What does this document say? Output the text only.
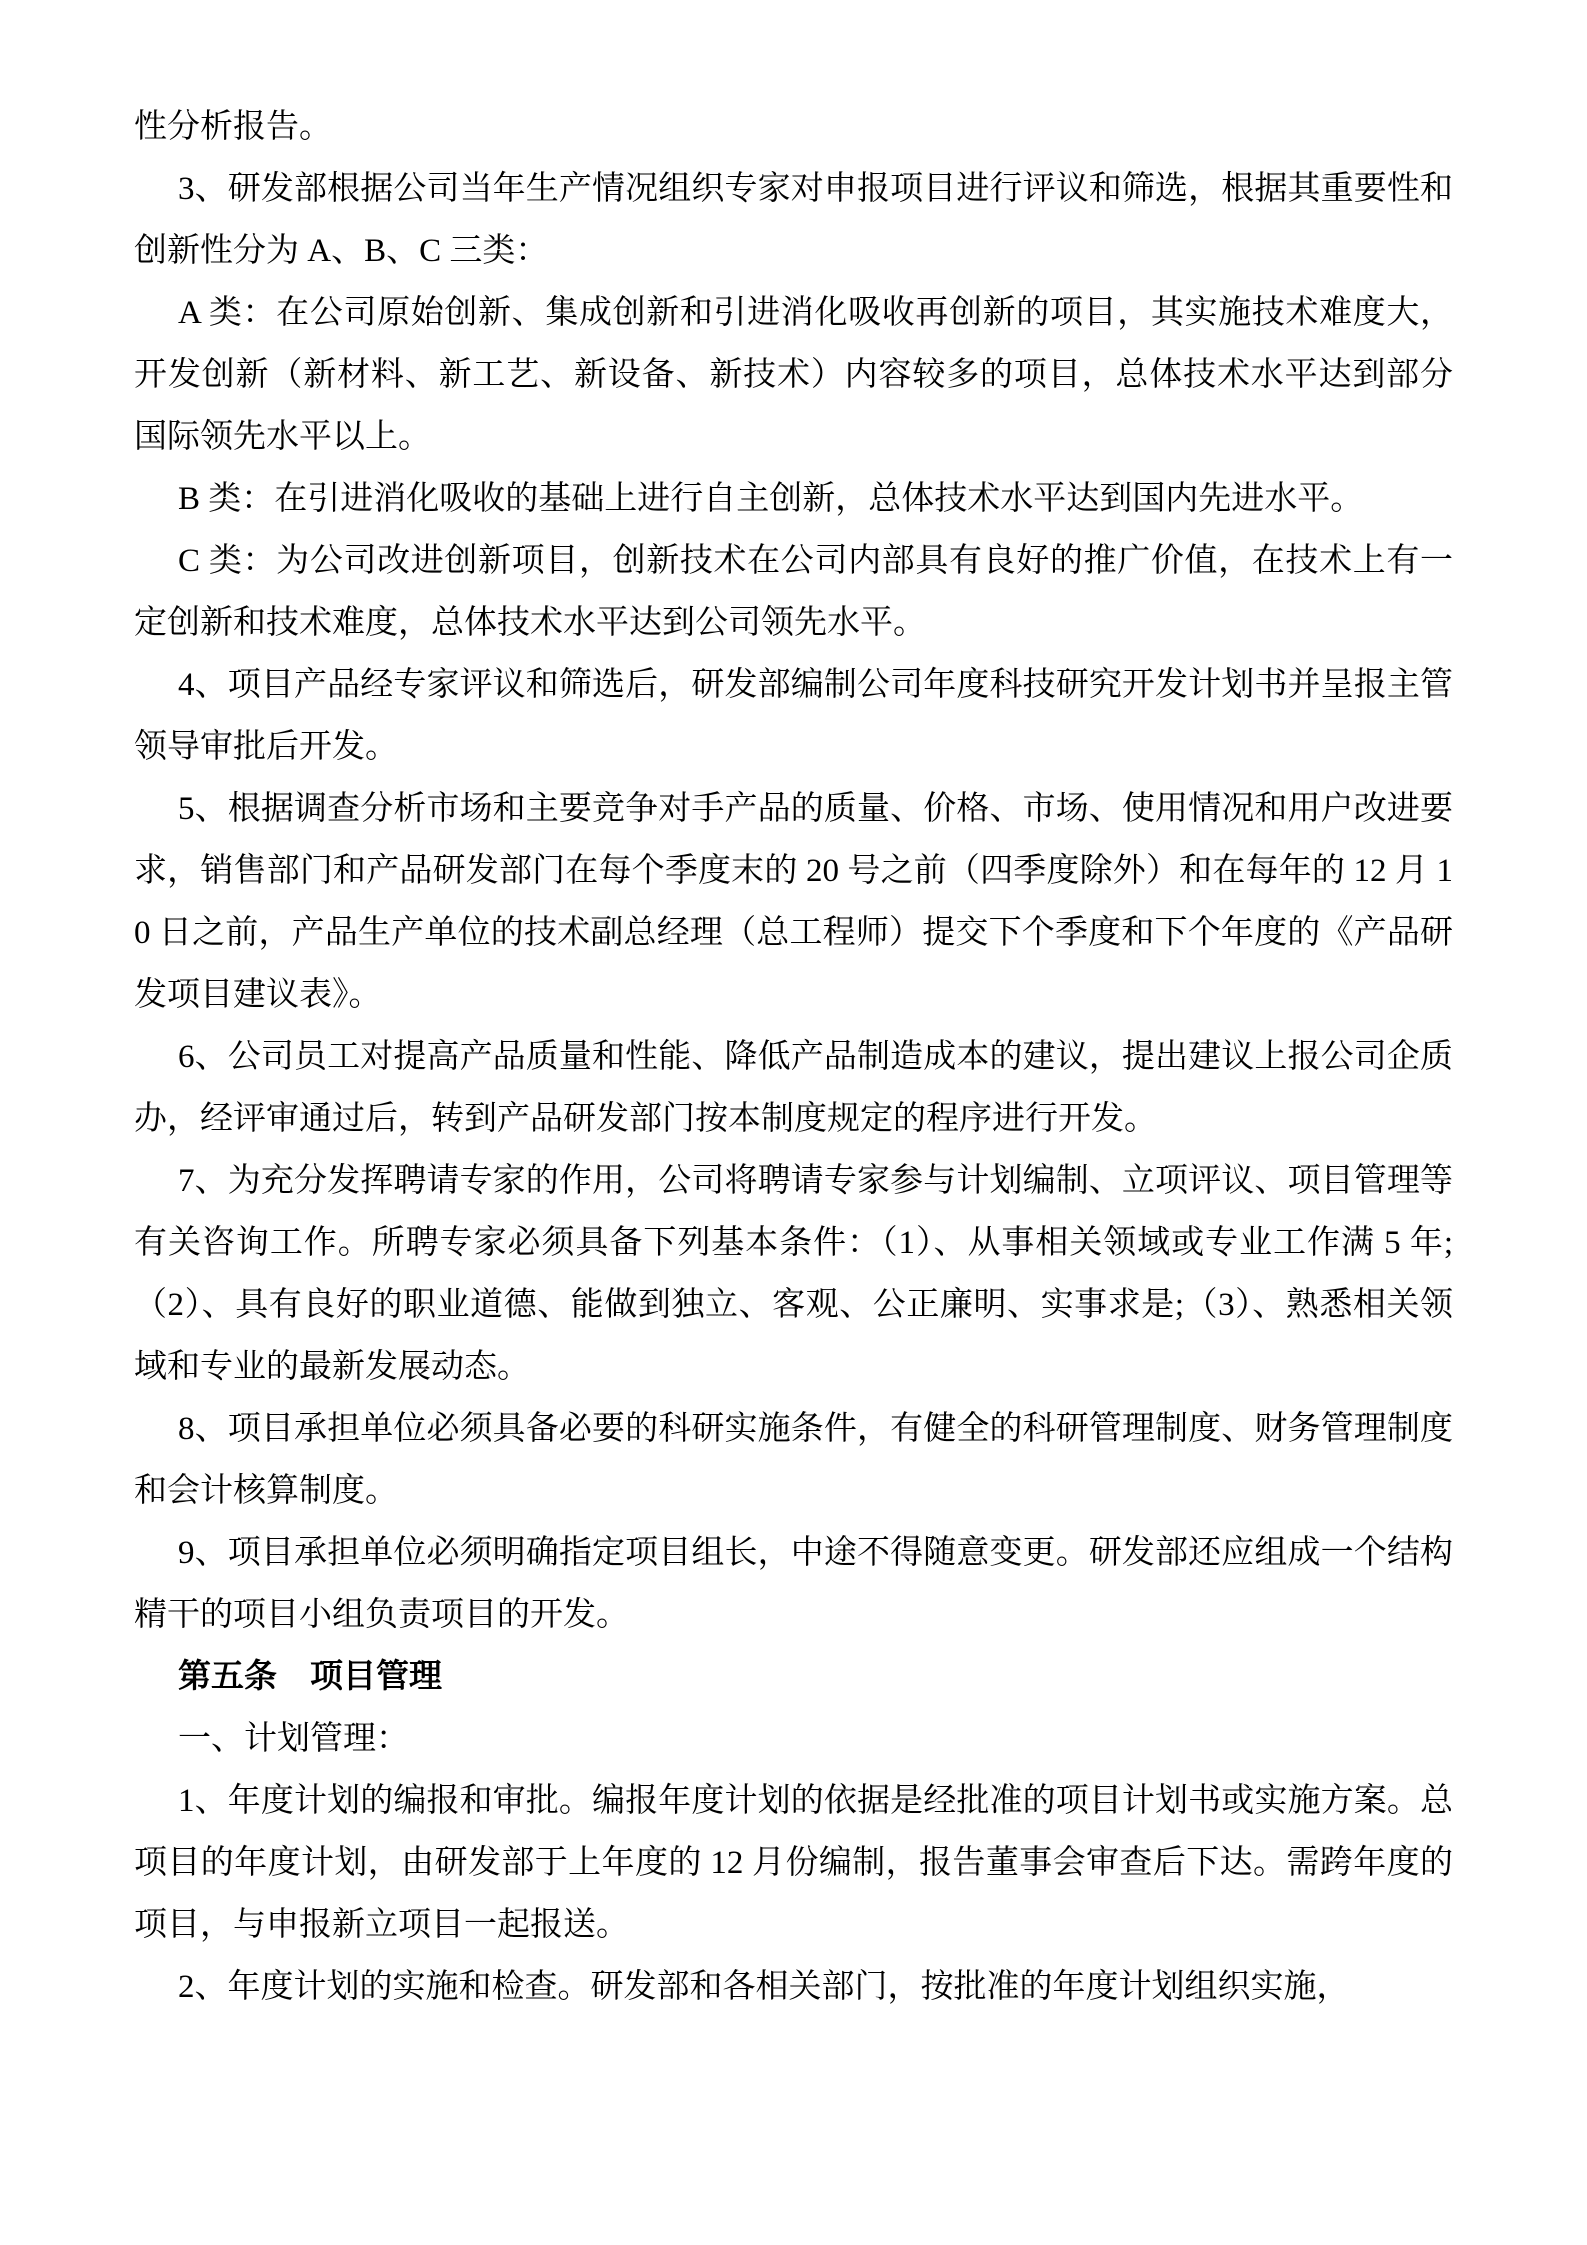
性分析报告。

3、研发部根据公司当年生产情况组织专家对申报项目进行评议和筛选，根据其重要性和创新性分为 A、B、C 三类：

A 类：在公司原始创新、集成创新和引进消化吸收再创新的项目，其实施技术难度大，开发创新（新材料、新工艺、新设备、新技术）内容较多的项目，总体技术水平达到部分国际领先水平以上。

B 类：在引进消化吸收的基础上进行自主创新，总体技术水平达到国内先进水平。

C 类：为公司改进创新项目，创新技术在公司内部具有良好的推广价值，在技术上有一定创新和技术难度，总体技术水平达到公司领先水平。

4、项目产品经专家评议和筛选后，研发部编制公司年度科技研究开发计划书并呈报主管领导审批后开发。

5、根据调查分析市场和主要竞争对手产品的质量、价格、市场、使用情况和用户改进要求，销售部门和产品研发部门在每个季度末的 20 号之前（四季度除外）和在每年的 12 月 10 日之前，产品生产单位的技术副总经理（总工程师）提交下个季度和下个年度的《产品研发项目建议表》。

6、公司员工对提高产品质量和性能、降低产品制造成本的建议，提出建议上报公司企质办，经评审通过后，转到产品研发部门按本制度规定的程序进行开发。

7、为充分发挥聘请专家的作用，公司将聘请专家参与计划编制、立项评议、项目管理等有关咨询工作。所聘专家必须具备下列基本条件：（1）、从事相关领域或专业工作满 5 年;（2）、具有良好的职业道德、能做到独立、客观、公正廉明、实事求是;（3）、熟悉相关领域和专业的最新发展动态。

8、项目承担单位必须具备必要的科研实施条件，有健全的科研管理制度、财务管理制度和会计核算制度。

9、项目承担单位必须明确指定项目组长，中途不得随意变更。研发部还应组成一个结构精干的项目小组负责项目的开发。

第五条　项目管理

一、计划管理：

1、年度计划的编报和审批。编报年度计划的依据是经批准的项目计划书或实施方案。总项目的年度计划，由研发部于上年度的 12 月份编制，报告董事会审查后下达。需跨年度的项目，与申报新立项目一起报送。

2、年度计划的实施和检查。研发部和各相关部门，按批准的年度计划组织实施，
